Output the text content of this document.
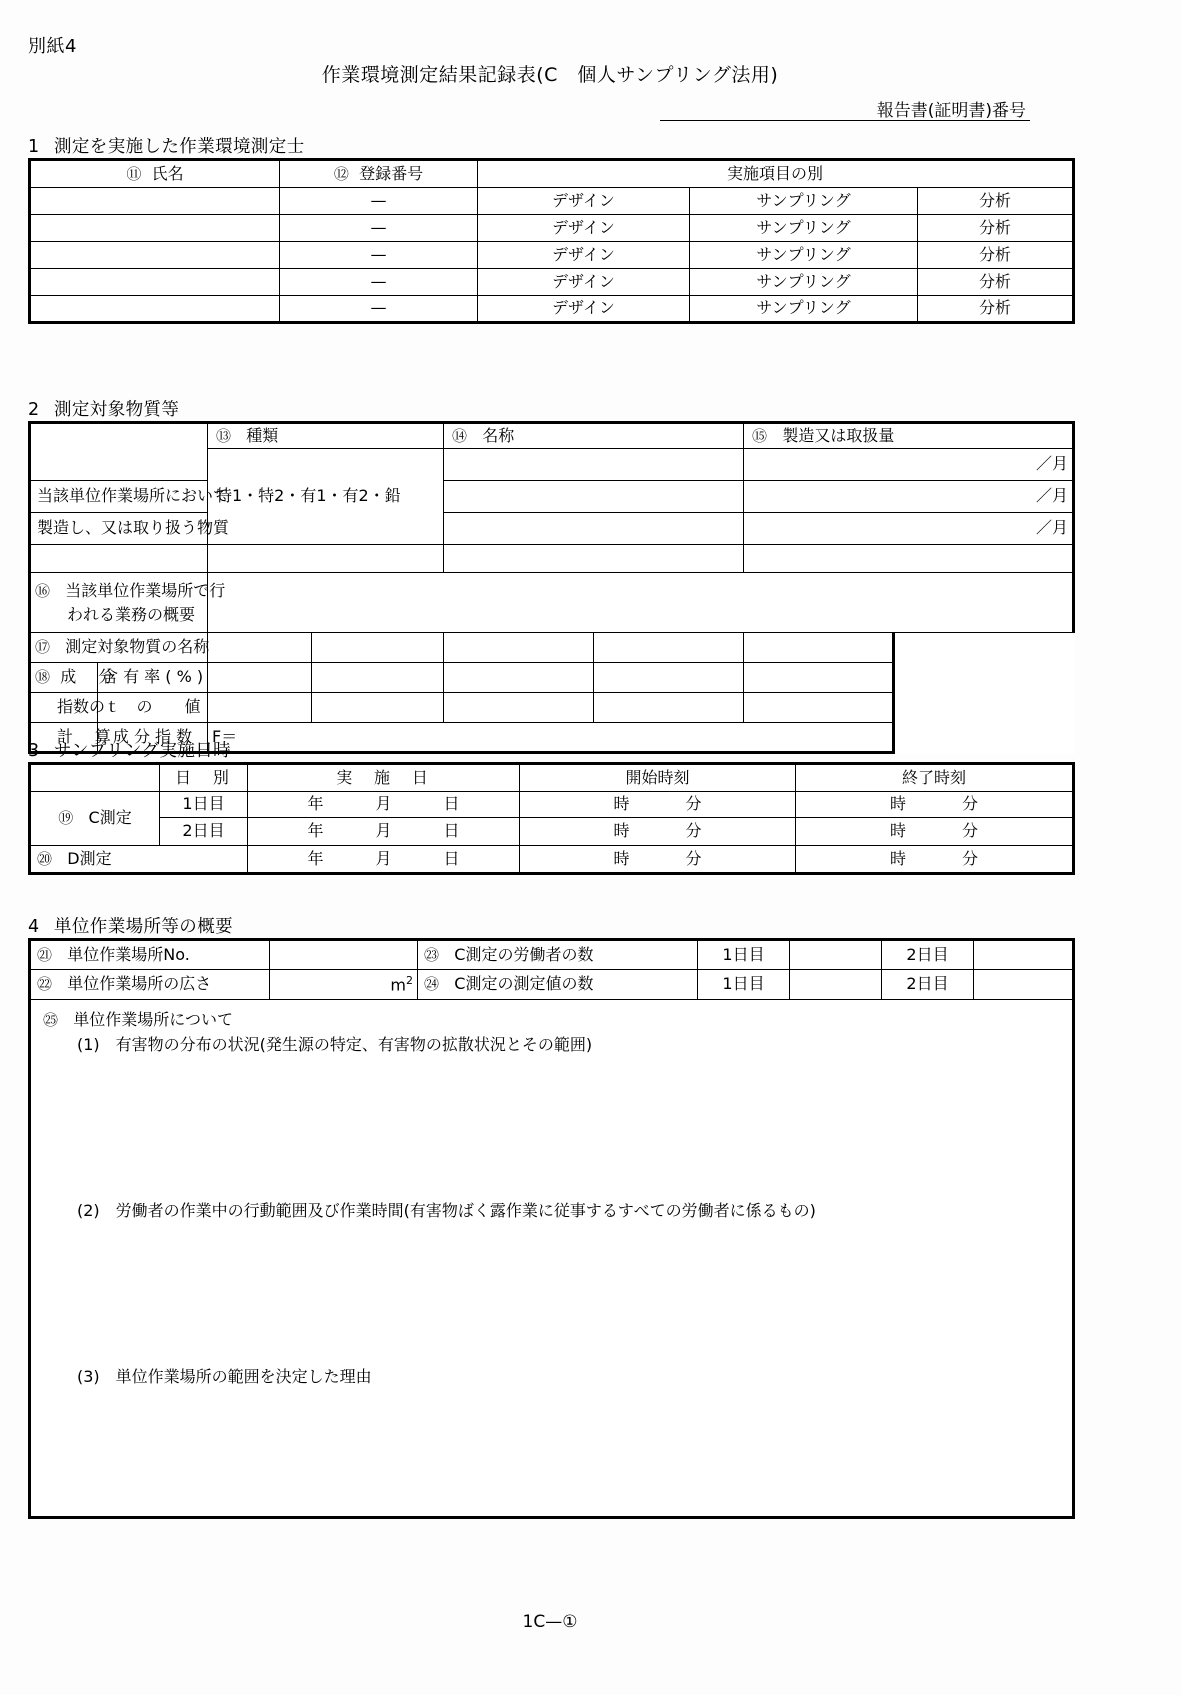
別紙4
作業環境測定結果記録表(C　個人サンプリング法用)
報告書(証明書)番号
1 測定を実施した作業環境測定士
⑪ 氏名	⑫ 登録番号	実施項目の別		
	—	デザイン	サンプリング	分析
	—	デザイン	サンプリング	分析
	—	デザイン	サンプリング	分析
	—	デザイン	サンプリング	分析
	—	デザイン	サンプリング	分析
2 測定対象物質等
		⑬ 種類		⑭ 名称		⑮ 製造又は取扱量
		特1・特2・有1・有2・鉛				／月

当該単位作業場所において						／月

製造し、又は取り扱う物質						／月

⑯ 当該単位作業場所で行
われる業務の概要						

⑰ 測定対象物質の名称						
⑱ 成　分	含 有 率 ( % )					
指数の	ｔ　の　　値					
計　算	成 分 指 数	F＝				
3 サンプリング実施日時
	日　別	実　施　日	開始時刻	終了時刻
⑲ C測定	1日目	年 月 日	時 分	時 分
	2日目	年 月 日	時 分	時 分
⑳ D測定		年 月 日	時 分	時 分
4 単位作業場所等の概要
㉑ 単位作業場所No.		㉓ C測定の労働者の数	1日目		2日目	
㉒ 単位作業場所の広さ	$m^2$	㉔ C測定の測定値の数	1日目		2日目	

㉕ 単位作業場所について
(1)　有害物の分布の状況(発生源の特定、有害物の拡散状況とその範囲)
(2)　労働者の作業中の行動範囲及び作業時間(有害物ばく露作業に従事するすべての労働者に係るもの)
(3)　単位作業場所の範囲を決定した理由						
1C—①
